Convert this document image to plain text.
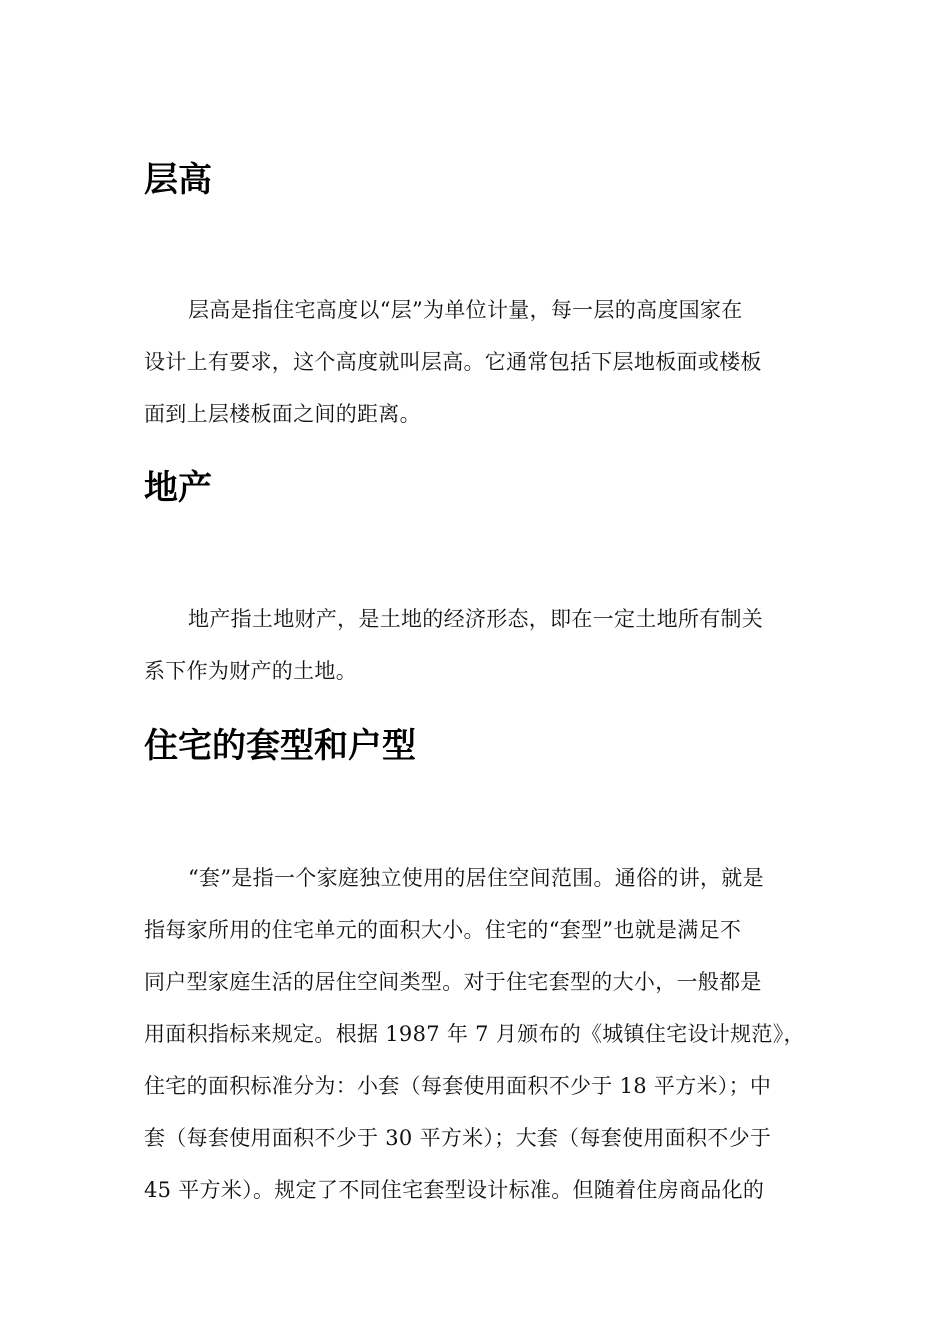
层高
层高是指住宅高度以“层”为单位计量，每一层的高度国家在
设计上有要求，这个高度就叫层高。它通常包括下层地板面或楼板
面到上层楼板面之间的距离。
地产
地产指土地财产，是土地的经济形态，即在一定土地所有制关
系下作为财产的土地。
住宅的套型和户型
“套”是指一个家庭独立使用的居住空间范围。通俗的讲，就是
指每家所用的住宅单元的面积大小。住宅的“套型”也就是满足不
同户型家庭生活的居住空间类型。对于住宅套型的大小，一般都是
用面积指标来规定。根据 1987 年 7 月颁布的《城镇住宅设计规范》，
住宅的面积标准分为：小套（每套使用面积不少于 18 平方米）；中
套（每套使用面积不少于 30 平方米）；大套（每套使用面积不少于
45 平方米）。规定了不同住宅套型设计标准。但随着住房商品化的
